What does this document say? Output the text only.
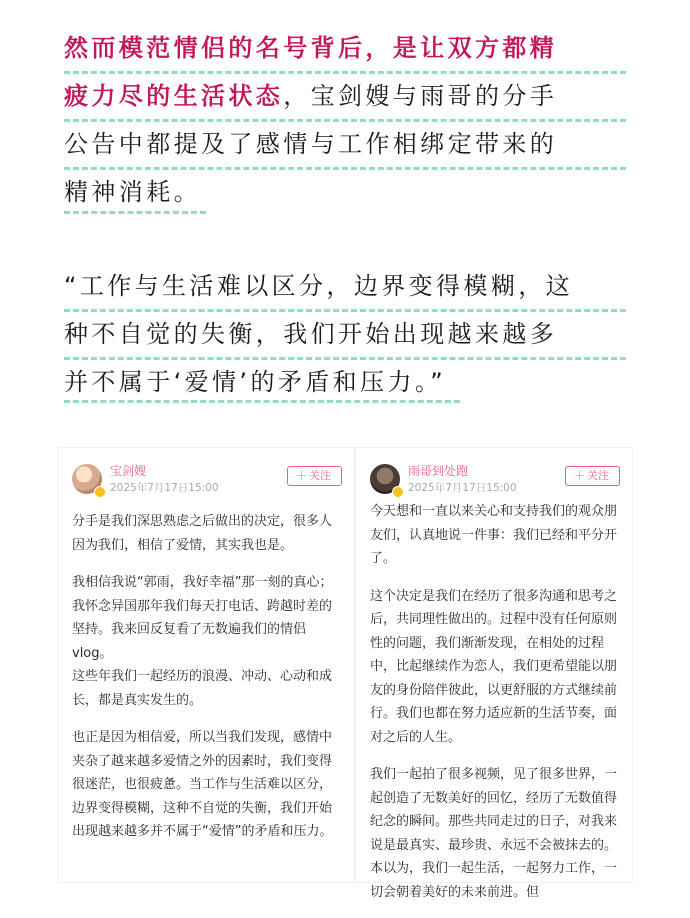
然而模范情侣的名号背后，是让双方都精
疲力尽的生活状态，宝剑嫂与雨哥的分手
公告中都提及了感情与工作相绑定带来的
精神消耗。
“工作与生活难以区分，边界变得模糊，这
种不自觉的失衡，我们开始出现越来越多
并不属于‘爱情’的矛盾和压力。”
宝剑嫂
2025年7月17日15:00
＋ 关注

分手是我们深思熟虑之后做出的决定，很多人因为我们，相信了爱情，其实我也是。

我相信我说“郭雨，我好幸福”那一刻的真心；我怀念异国那年我们每天打电话、跨越时差的坚持。我来回反复看了无数遍我们的情侣vlog。
这些年我们一起经历的浪漫、冲动、心动和成长，都是真实发生的。

也正是因为相信爱，所以当我们发现，感情中夹杂了越来越多爱情之外的因素时，我们变得很迷茫，也很疲惫。当工作与生活难以区分，边界变得模糊，这种不自觉的失衡，我们开始出现越来越多并不属于“爱情”的矛盾和压力。

雨哥到处跑
2025年7月17日15:00
＋ 关注

今天想和一直以来关心和支持我们的观众朋友们，认真地说一件事：我们已经和平分开了。

这个决定是我们在经历了很多沟通和思考之后，共同理性做出的。过程中没有任何原则性的问题，我们渐渐发现，在相处的过程中，比起继续作为恋人，我们更希望能以朋友的身份陪伴彼此，以更舒服的方式继续前行。我们也都在努力适应新的生活节奏，面对之后的人生。

我们一起拍了很多视频，见了很多世界，一起创造了无数美好的回忆，经历了无数值得纪念的瞬间。那些共同走过的日子，对我来说是最真实、最珍贵、永远不会被抹去的。本以为，我们一起生活，一起努力工作，一切会朝着美好的未来前进。但
